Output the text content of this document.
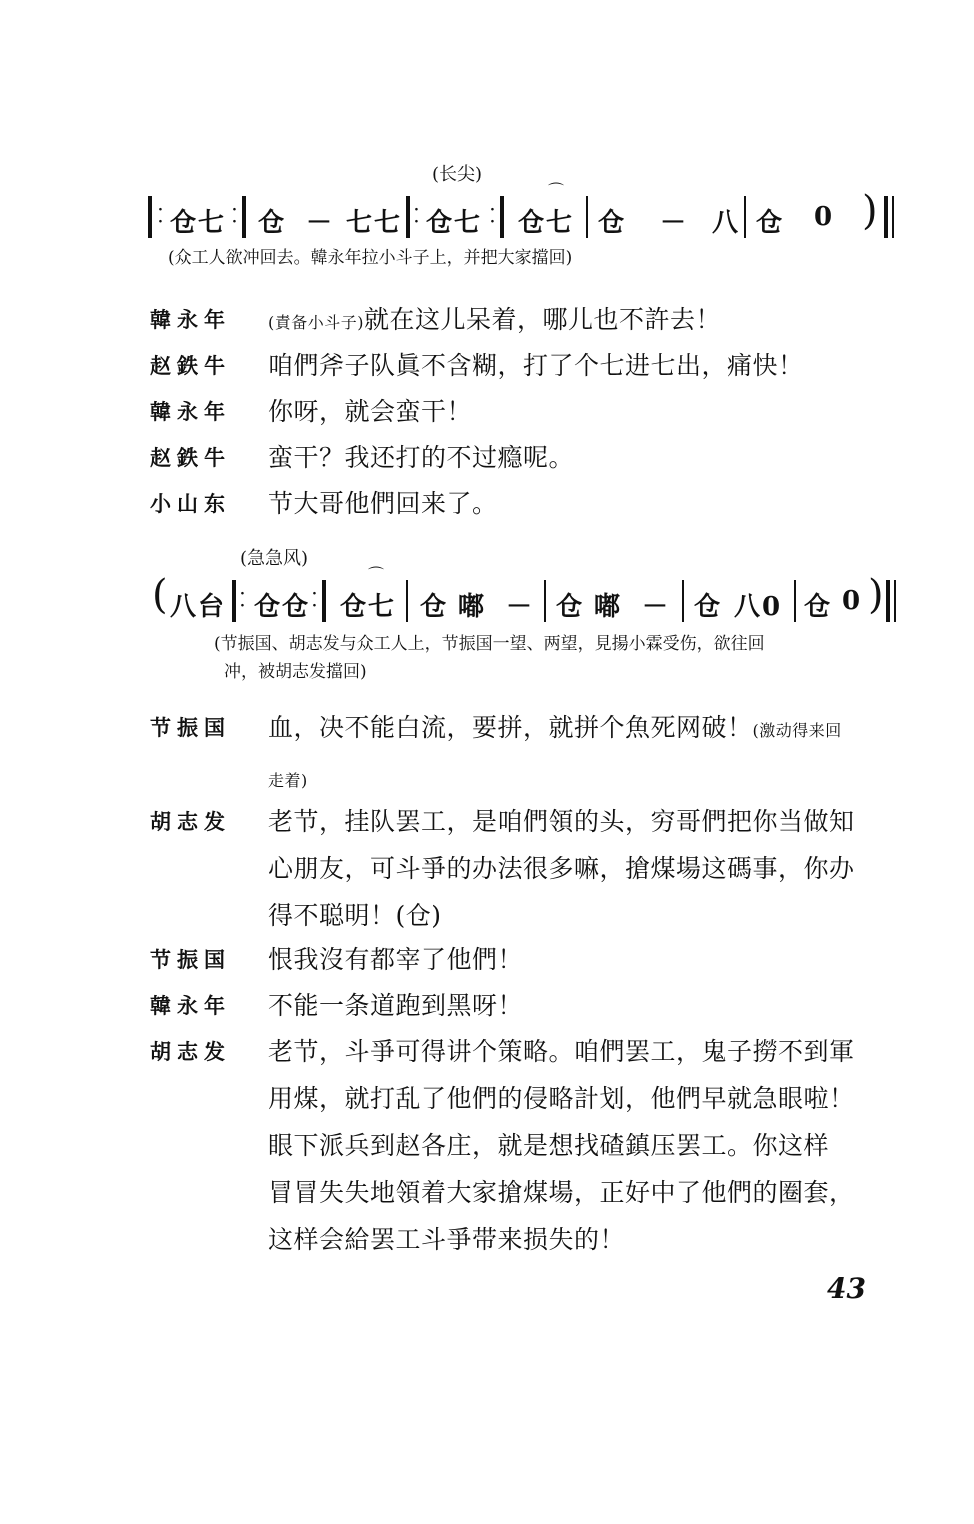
(长尖)
·
· 仓七 ·
· 仓 － 七七 ·
· 仓七 ·
·
⌒
仓七 仓 － 八 仓 0 )
(众工人欲冲回去。韓永年拉小斗子上，并把大家擋回)
韓永年	(責备小斗子)就在这儿呆着，哪儿也不許去！
赵鉄牛	咱們斧子队眞不含糊，打了个七进七出，痛快！
韓永年	你呀，就会蛮干！
赵鉄牛	蛮干？我还打的不过瘾呢。
小山东	节大哥他們回来了。
(急急风)
( 八台 ·
· 仓仓 ·
·
⌒
仓七 仓 嘟 － 仓 嘟 － 仓 八0 仓 0 )
(节振国、胡志发与众工人上，节振国一望、两望，見揚小霖受伤，欲往回
冲，被胡志发擋回)
节振国	血，决不能白流，要拼，就拼个魚死网破！(激动得来回
走着)
胡志发	老节，挂队罢工，是咱們領的头，穷哥們把你当做知
心朋友，可斗爭的办法很多嘛，搶煤場这碼事，你办
得不聪明！(仓)
节振国	恨我沒有都宰了他們！
韓永年	不能一条道跑到黑呀！
胡志发	老节，斗爭可得讲个策略。咱們罢工，鬼子撈不到軍
用煤，就打乱了他們的侵略計划，他們早就急眼啦！
眼下派兵到赵各庄，就是想找碴鎮压罢工。你这样
冒冒失失地領着大家搶煤場，正好中了他們的圈套，
这样会給罢工斗爭带来损失的！
43
